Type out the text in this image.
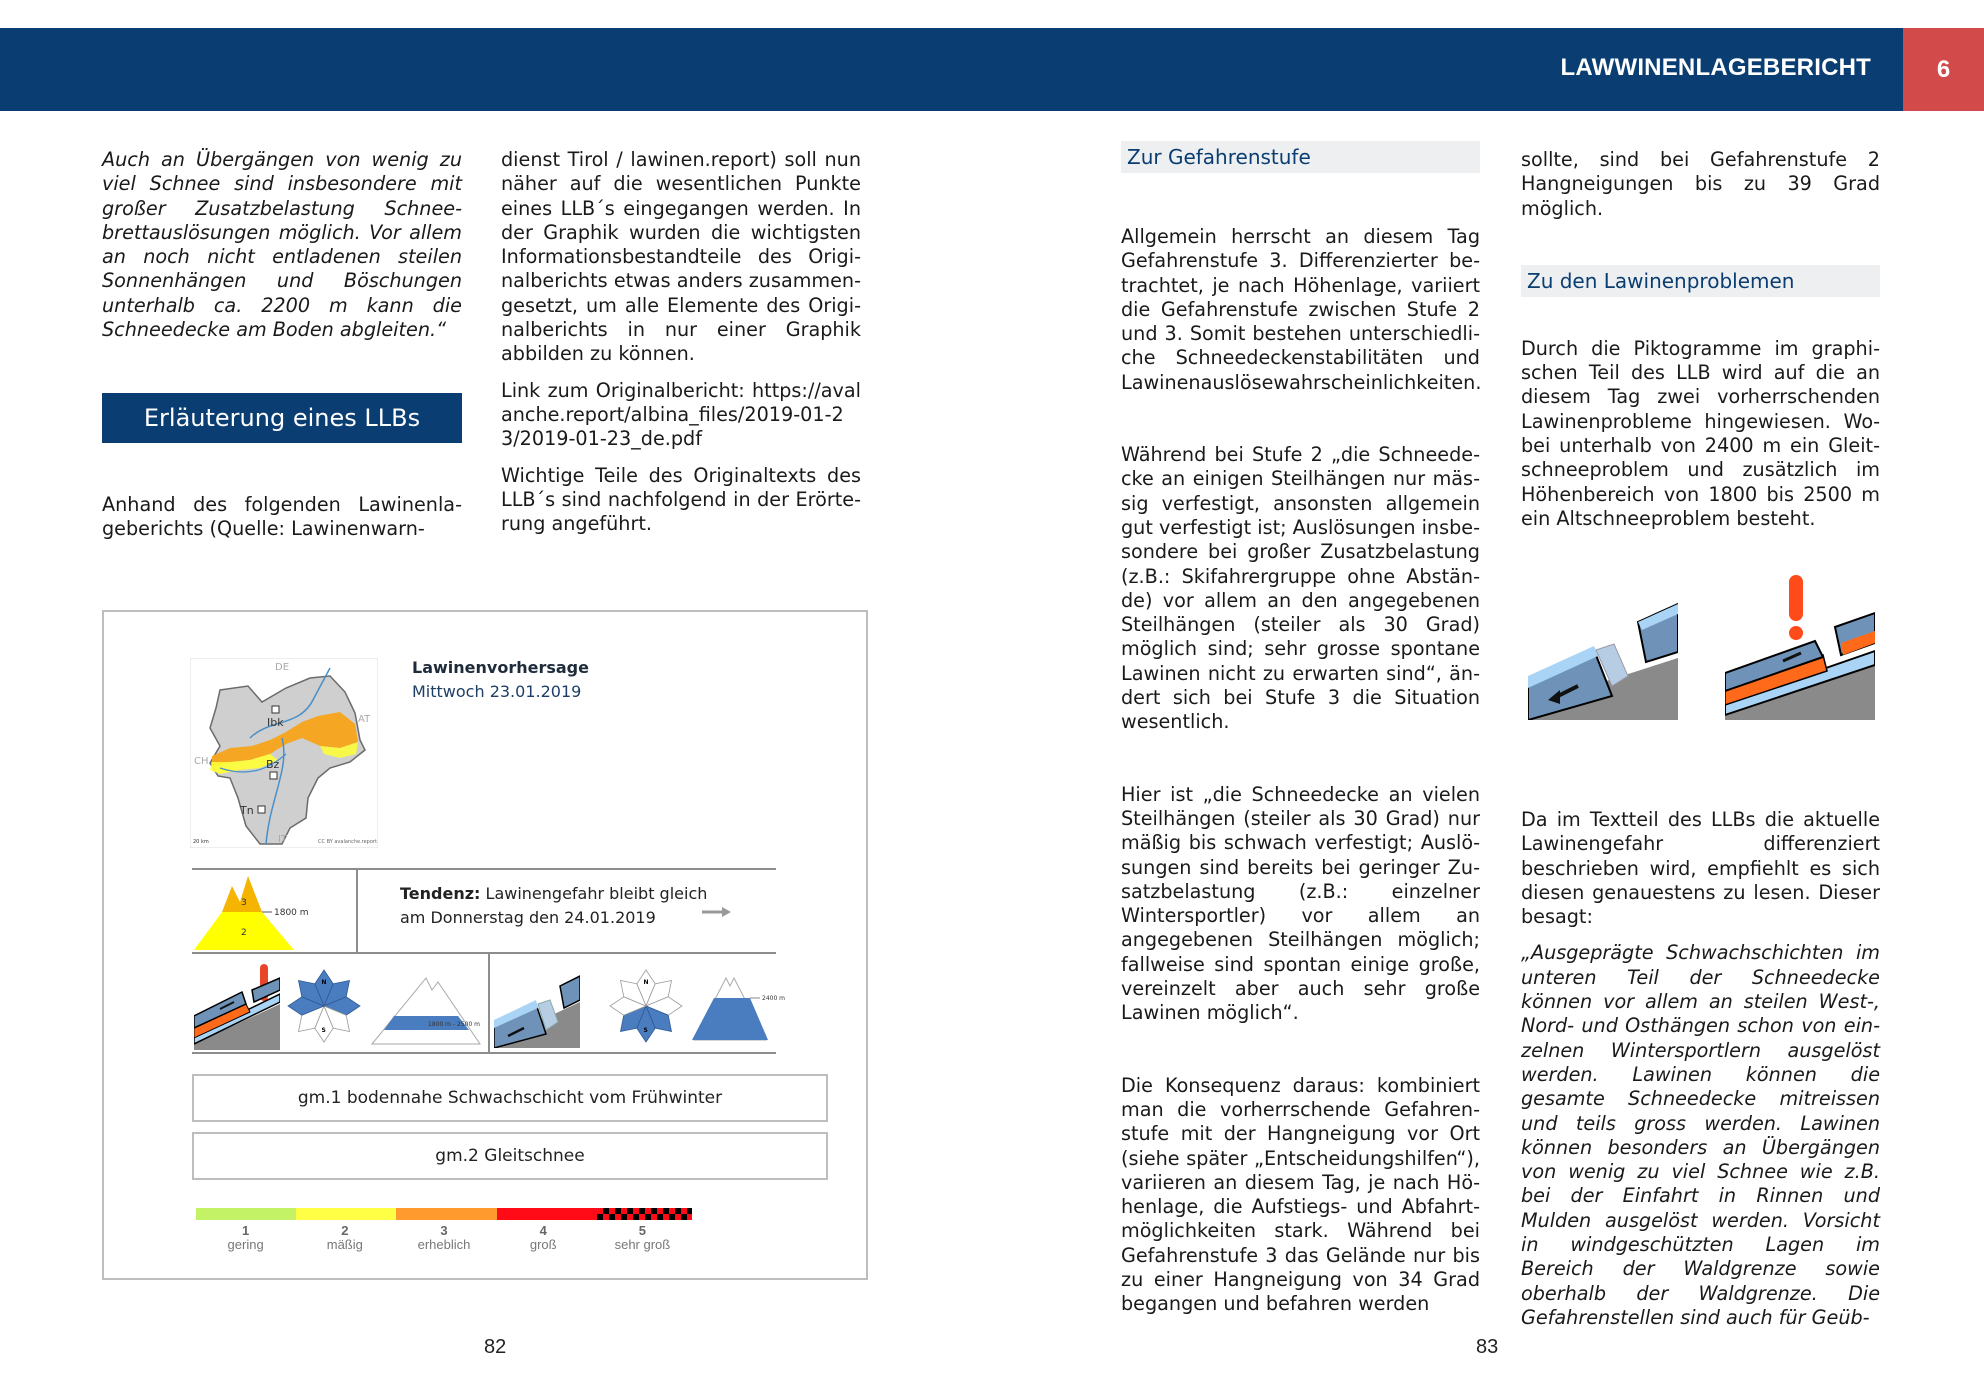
LAWWINENLAGEBERICHT	6

Auch an Übergängen von wenig zu viel Schnee sind insbesondere mit großer Zusatzbelastung Schneebrettauslösungen möglich. Vor allem an noch nicht entladenen steilen Sonnenhängen und Böschungen unterhalb ca. 2200 m kann die Schneedecke am Boden abgleiten.“

Erläuterung eines LLBs

Anhand des folgenden Lawinenlageberichts (Quelle: Lawinenwarn-

dienst Tirol / lawinen.report) soll nun näher auf die wesentlichen Punkte eines LLB´s eingegangen werden. In der Graphik wurden die wichtigsten Informationsbestandteile des Originalberichts etwas anders zusammengesetzt, um alle Elemente des Originalberichts in nur einer Graphik abbilden zu können.

Link zum Originalbericht: https://avalanche.report/albina_files/2019-01-23/2019-01-23_de.pdf

Wichtige Teile des Originaltexts des LLB´s sind nachfolgend in der Erörterung angeführt.

Ibk
Bz
Tn
DE
AT
CH
IT
20 km	CC BY avalanche.report
Lawinenvorhersage
Mittwoch 23.01.2019
3
2
1800 m
Tendenz: Lawinengefahr bleibt gleich
am Donnerstag den 24.01.2019
N
S
1800 m - 2500 m
N
S
2400 m
gm.1 bodennahe Schwachschicht vom Frühwinter
gm.2 Gleitschnee
1
gering
2
mäßig
3
erheblich
4
groß
5
sehr groß
Zur Gefahrenstufe

Allgemein herrscht an diesem Tag Gefahrenstufe 3. Differenzierter betrachtet, je nach Höhenlage, variiert die Gefahrenstufe zwischen Stufe 2 und 3. Somit bestehen unterschiedliche Schneedeckenstabilitäten und Lawinenauslösewahrscheinlichkeiten.

Während bei Stufe 2 „die Schneedecke an einigen Steilhängen nur mässig verfestigt, ansonsten allgemein gut verfestigt ist; Auslösungen insbesondere bei großer Zusatzbelastung (z.B.: Skifahrergruppe ohne Abstände) vor allem an den angegebenen Steilhängen (steiler als 30 Grad) möglich sind; sehr grosse spontane Lawinen nicht zu erwarten sind“, ändert sich bei Stufe 3 die Situation wesentlich.

Hier ist „die Schneedecke an vielen Steilhängen (steiler als 30 Grad) nur mäßig bis schwach verfestigt; Auslösungen sind bereits bei geringer Zusatzbelastung (z.B.: einzelner Wintersportler) vor allem an angegebenen Steilhängen möglich; fallweise sind spontan einige große, vereinzelt aber auch sehr große Lawinen möglich“.

Die Konsequenz daraus: kombiniert man die vorherrschende Gefahrenstufe mit der Hangneigung vor Ort (siehe später „Entscheidungshilfen“), variieren an diesem Tag, je nach Höhenlage, die Aufstiegs- und Abfahrtmöglichkeiten stark. Während bei Gefahrenstufe 3 das Gelände nur bis zu einer Hangneigung von 34 Grad begangen und befahren werden

sollte, sind bei Gefahrenstufe 2 Hangneigungen bis zu 39 Grad möglich.

Zu den Lawinenproblemen

Durch die Piktogramme im graphischen Teil des LLB wird auf die an diesem Tag zwei vorherrschenden Lawinenprobleme hingewiesen. Wobei unterhalb von 2400 m ein Gleitschneeproblem und zusätzlich im Höhenbereich von 1800 bis 2500 m ein Altschneeproblem besteht.

Da im Textteil des LLBs die aktuelle Lawinengefahr differenziert beschrieben wird, empfiehlt es sich diesen genauestens zu lesen. Dieser besagt:

„Ausgeprägte Schwachschichten im unteren Teil der Schneedecke können vor allem an steilen West-, Nord- und Osthängen schon von einzelnen Wintersportlern ausgelöst werden. Lawinen können die gesamte Schneedecke mitreissen und teils gross werden. Lawinen können besonders an Übergängen von wenig zu viel Schnee wie z.B. bei der Einfahrt in Rinnen und Mulden ausgelöst werden. Vorsicht in windgeschützten Lagen im Bereich der Waldgrenze sowie oberhalb der Waldgrenze. Die Gefahrenstellen sind auch für Geüb-

82	83
